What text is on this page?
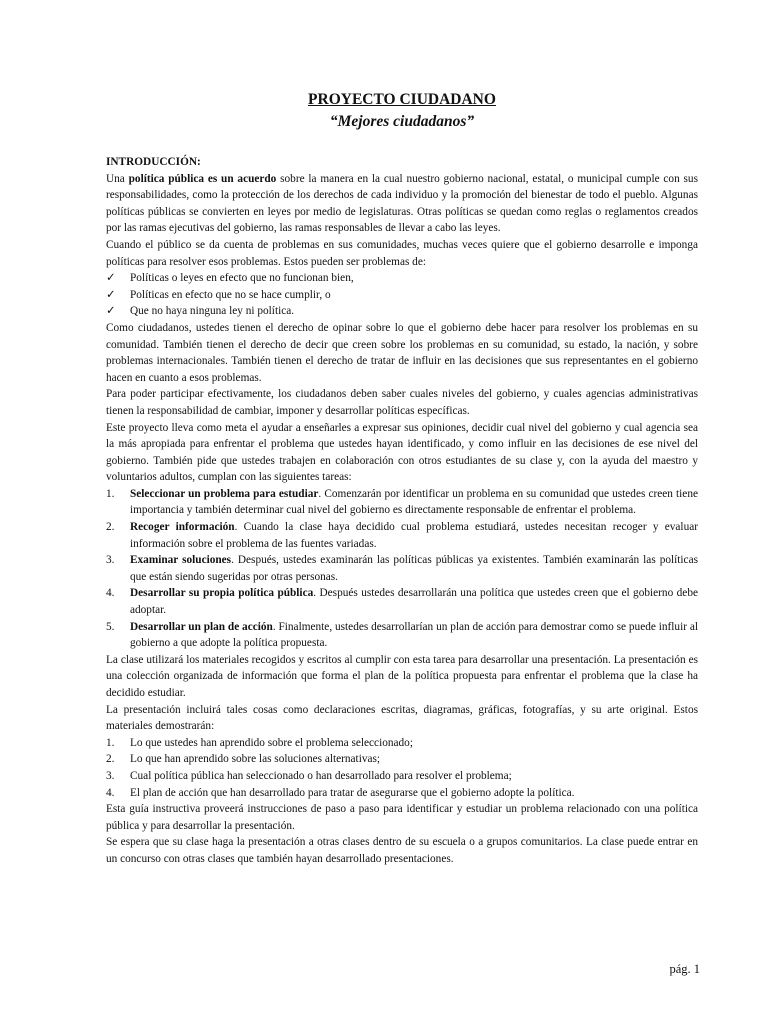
PROYECTO CIUDADANO
“Mejores ciudadanos”
INTRODUCCIÓN:

Una política pública es un acuerdo sobre la manera en la cual nuestro gobierno nacional, estatal, o municipal cumple con sus responsabilidades, como la protección de los derechos de cada individuo y la promoción del bienestar de todo el pueblo. Algunas políticas públicas se convierten en leyes por medio de legislaturas. Otras políticas se quedan como reglas o reglamentos creados por las ramas ejecutivas del gobierno, las ramas responsables de llevar a cabo las leyes.

Cuando el público se da cuenta de problemas en sus comunidades, muchas veces quiere que el gobierno desarrolle e imponga políticas para resolver esos problemas. Estos pueden ser problemas de:

✓	Políticas o leyes en efecto que no funcionan bien,
✓	Políticas en efecto que no se hace cumplir, o
✓	Que no haya ninguna ley ni política.

Como ciudadanos, ustedes tienen el derecho de opinar sobre lo que el gobierno debe hacer para resolver los problemas en su comunidad. También tienen el derecho de decir que creen sobre los problemas en su comunidad, su estado, la nación, y sobre problemas internacionales. También tienen el derecho de tratar de influir en las decisiones que sus representantes en el gobierno hacen en cuanto a esos problemas.

Para poder participar efectivamente, los ciudadanos deben saber cuales niveles del gobierno, y cuales agencias administrativas tienen la responsabilidad de cambiar, imponer y desarrollar políticas específicas.

Este proyecto lleva como meta el ayudar a enseñarles a expresar sus opiniones, decidir cual nivel del gobierno y cual agencia sea la más apropiada para enfrentar el problema que ustedes hayan identificado, y como influir en las decisiones de ese nivel del gobierno. También pide que ustedes trabajen en colaboración con otros estudiantes de su clase y, con la ayuda del maestro y voluntarios adultos, cumplan con las siguientes tareas:

1. Seleccionar un problema para estudiar. Comenzarán por identificar un problema en su comunidad que ustedes creen tiene importancia y también determinar cual nivel del gobierno es directamente responsable de enfrentar el problema.
2. Recoger información. Cuando la clase haya decidido cual problema estudiará, ustedes necesitan recoger y evaluar información sobre el problema de las fuentes variadas.
3. Examinar soluciones. Después, ustedes examinarán las políticas públicas ya existentes. También examinarán las políticas que están siendo sugeridas por otras personas.
4. Desarrollar su propia política pública. Después ustedes desarrollarán una política que ustedes creen que el gobierno debe adoptar.
5. Desarrollar un plan de acción. Finalmente, ustedes desarrollarían un plan de acción para demostrar como se puede influir al gobierno a que adopte la política propuesta.

La clase utilizará los materiales recogidos y escritos al cumplir con esta tarea para desarrollar una presentación. La presentación es una colección organizada de información que forma el plan de la política propuesta para enfrentar el problema que la clase ha decidido estudiar.

La presentación incluirá tales cosas como declaraciones escritas, diagramas, gráficas, fotografías, y su arte original. Estos materiales demostrarán:

1. Lo que ustedes han aprendido sobre el problema seleccionado;
2. Lo que han aprendido sobre las soluciones alternativas;
3. Cual política pública han seleccionado o han desarrollado para resolver el problema;
4. El plan de acción que han desarrollado para tratar de asegurarse que el gobierno adopte la política.

Esta guía instructiva proveerá instrucciones de paso a paso para identificar y estudiar un problema relacionado con una política pública y para desarrollar la presentación.

Se espera que su clase haga la presentación a otras clases dentro de su escuela o a grupos comunitarios. La clase puede entrar en un concurso con otras clases que también hayan desarrollado presentaciones.

pág. 1
